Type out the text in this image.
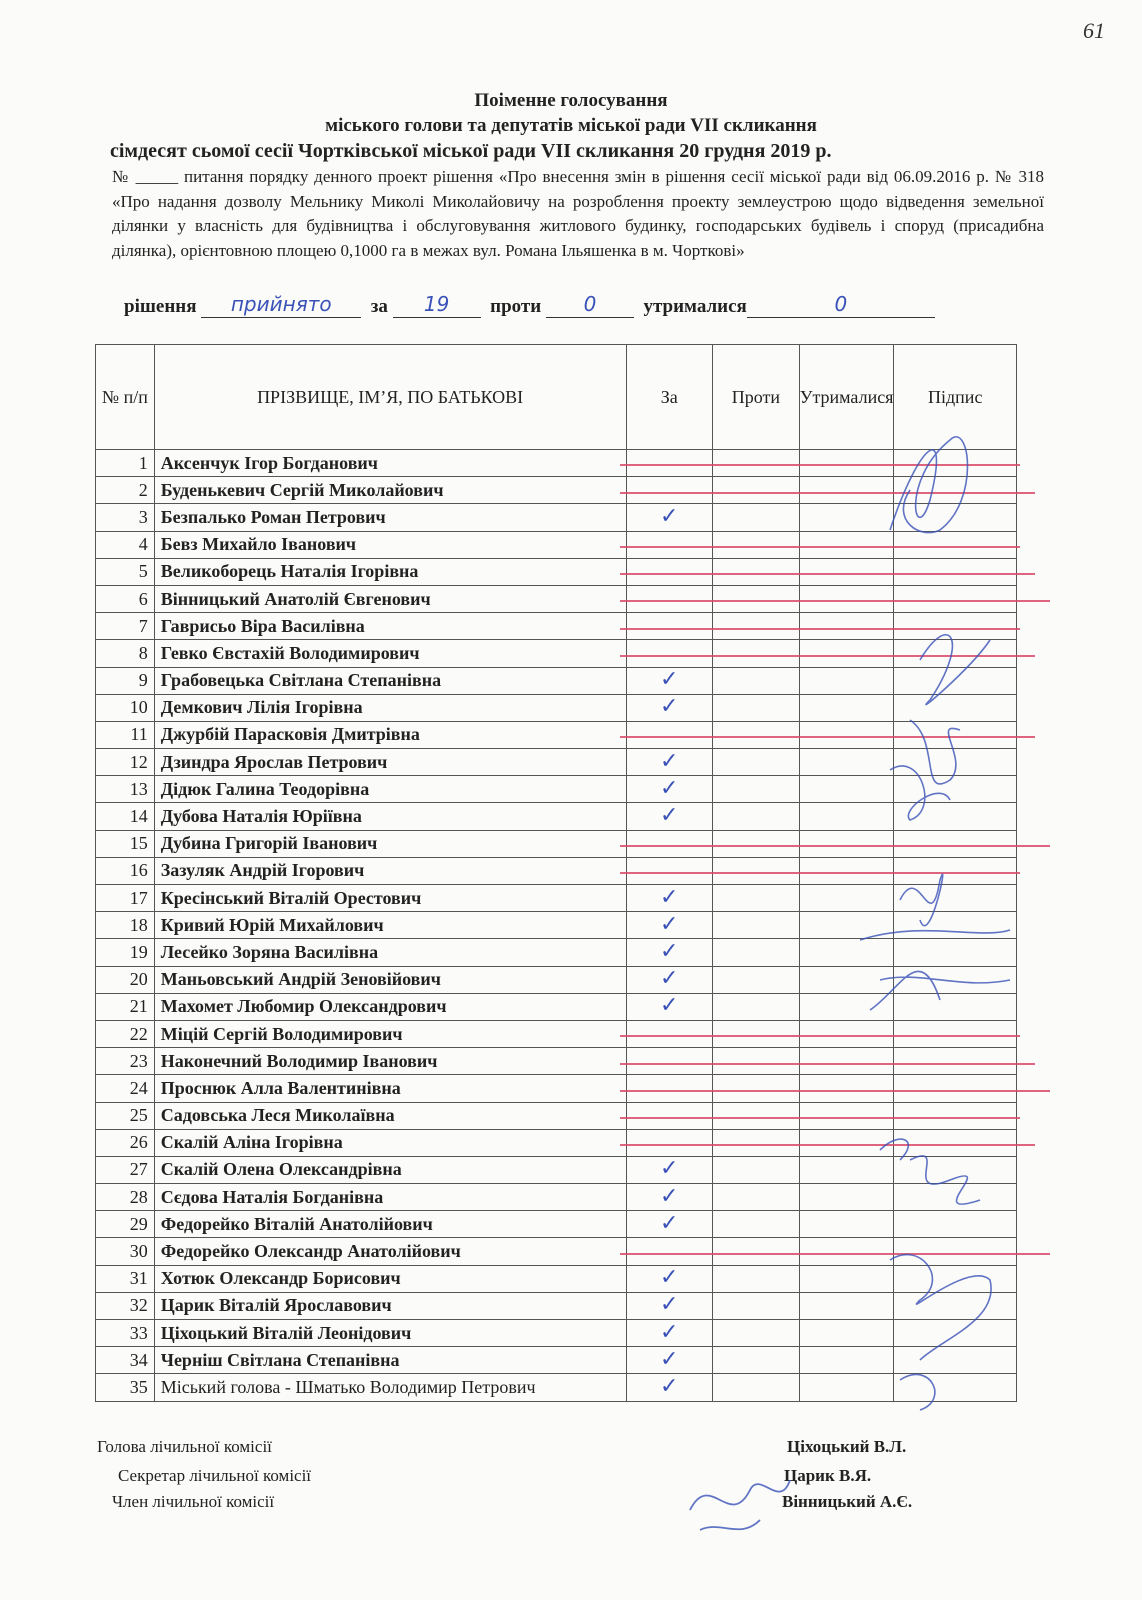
61
Поіменне голосування
міського голови та депутатів міської ради VII скликання
сімдесят сьомої сесії Чортківської міської ради VII скликання 20 грудня 2019 р.
№ _____ питання порядку денного проект рішення «Про внесення змін в рішення сесії міської ради від 06.09.2016 р. № 318 «Про надання дозволу Мельнику Миколі Миколайовичу на розроблення проекту землеустрою щодо відведення земельної ділянки у власність для будівництва і обслуговування житлового будинку, господарських будівель і споруд (присадибна ділянка), орієнтовною площею 0,1000 га в межах вул. Романа Ільяшенка в м. Чорткові»
рішення прийнято за 19 проти 0 утрималися	0
№ п/п	ПРІЗВИЩЕ, ІМ’Я, ПО БАТЬКОВІ	За	Проти	Утрималися	Підпис
1	Аксенчук Ігор Богданович				
2	Буденькевич Сергій Миколайович				
3	Безпалько Роман Петрович	✓			
4	Бевз Михайло Іванович				
5	Великоборець Наталія Ігорівна				
6	Вінницький Анатолій Євгенович				
7	Гаврисьо Віра Василівна				
8	Гевко Євстахій Володимирович				
9	Грабовецька Світлана Степанівна	✓			
10	Демкович Лілія Ігорівна	✓			
11	Джурбій Парасковія Дмитрівна				
12	Дзиндра Ярослав Петрович	✓			
13	Дідюк Галина Теодорівна	✓			
14	Дубова Наталія Юріївна	✓			
15	Дубина Григорій Іванович				
16	Зазуляк Андрій Ігорович				
17	Кресінський Віталій Орестович	✓			
18	Кривий Юрій Михайлович	✓			
19	Лесейко Зоряна Василівна	✓			
20	Маньовський Андрій Зеновійович	✓			
21	Махомет Любомир Олександрович	✓			
22	Міцій Сергій Володимирович				
23	Наконечний Володимир Іванович				
24	Проснюк Алла Валентинівна				
25	Садовська Леся Миколаївна				
26	Скалій Аліна Ігорівна				
27	Скалій Олена Олександрівна	✓			
28	Сєдова Наталія Богданівна	✓			
29	Федорейко Віталій Анатолійович	✓			
30	Федорейко Олександр Анатолійович				
31	Хотюк Олександр Борисович	✓			
32	Царик Віталій Ярославович	✓			
33	Ціхоцький Віталій Леонідович	✓			
34	Чернiш Світлана Степанівна	✓			
35	Міський голова - Шматько Володимир Петрович	✓			
Голова лічильної комісії
Секретар лічильної комісії
Член лічильної комісії
Ціхоцький В.Л.
Царик В.Я.
Вінницький А.Є.
